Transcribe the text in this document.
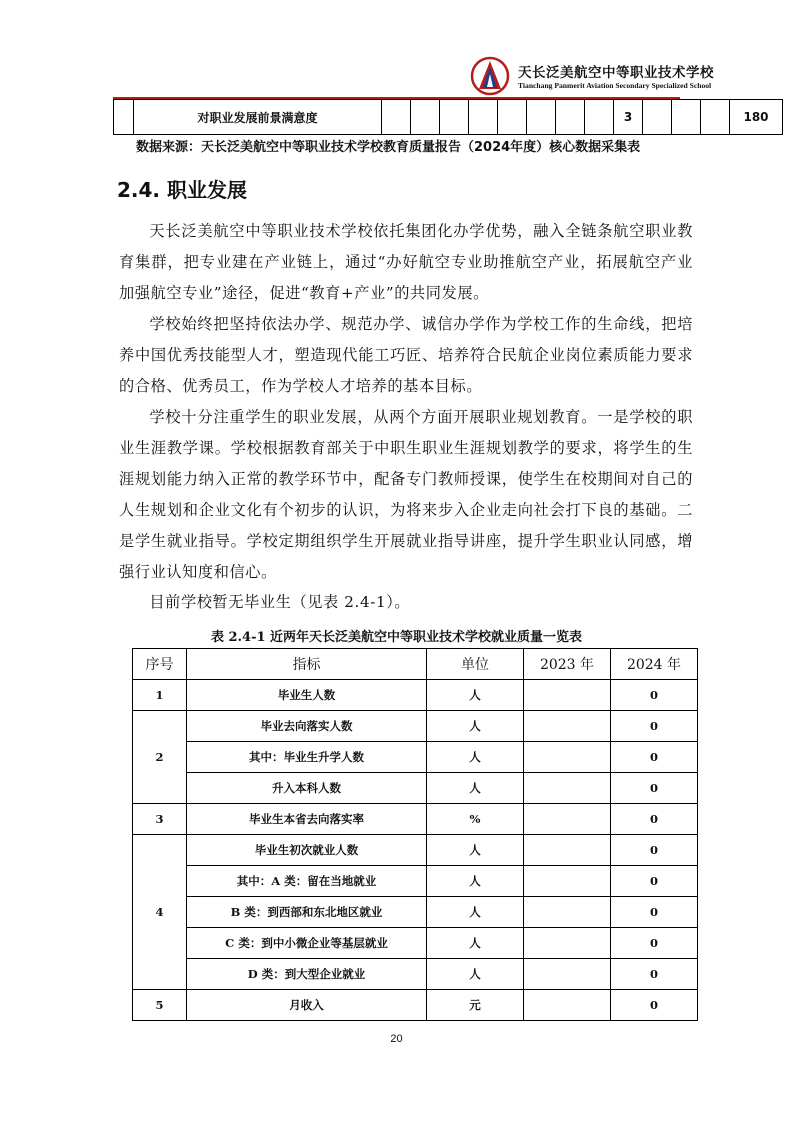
天长泛美航空中等职业技术学校
Tianchang Panmerit Aviation Secondary Specialized School
	对职业发展前景满意度									3				180
数据来源：天长泛美航空中等职业技术学校教育质量报告（2024年度）核心数据采集表
2.4. 职业发展

天长泛美航空中等职业技术学校依托集团化办学优势，融入全链条航空职业教育集群，把专业建在产业链上，通过“办好航空专业助推航空产业，拓展航空产业加强航空专业”途径，促进“教育+产业”的共同发展。

学校始终把坚持依法办学、规范办学、诚信办学作为学校工作的生命线，把培养中国优秀技能型人才，塑造现代能工巧匠、培养符合民航企业岗位素质能力要求的合格、优秀员工，作为学校人才培养的基本目标。

学校十分注重学生的职业发展，从两个方面开展职业规划教育。一是学校的职业生涯教学课。学校根据教育部关于中职生职业生涯规划教学的要求，将学生的生涯规划能力纳入正常的教学环节中，配备专门教师授课，使学生在校期间对自己的人生规划和企业文化有个初步的认识，为将来步入企业走向社会打下良的基础。二是学生就业指导。学校定期组织学生开展就业指导讲座，提升学生职业认同感，增强行业认知度和信心。

目前学校暂无毕业生（见表 2.4-1）。

表 2.4-1 近两年天长泛美航空中等职业技术学校就业质量一览表
序号	指标	单位	2023 年	2024 年
1	毕业生人数	人		0
2	毕业去向落实人数	人		0
	其中：毕业生升学人数	人		0
	升入本科人数	人		0
3	毕业生本省去向落实率	%		0
4	毕业生初次就业人数	人		0
	其中：A 类：留在当地就业	人		0
	B 类：到西部和东北地区就业	人		0
	C 类：到中小微企业等基层就业	人		0
	D 类：到大型企业就业	人		0
5	月收入	元		0
20
